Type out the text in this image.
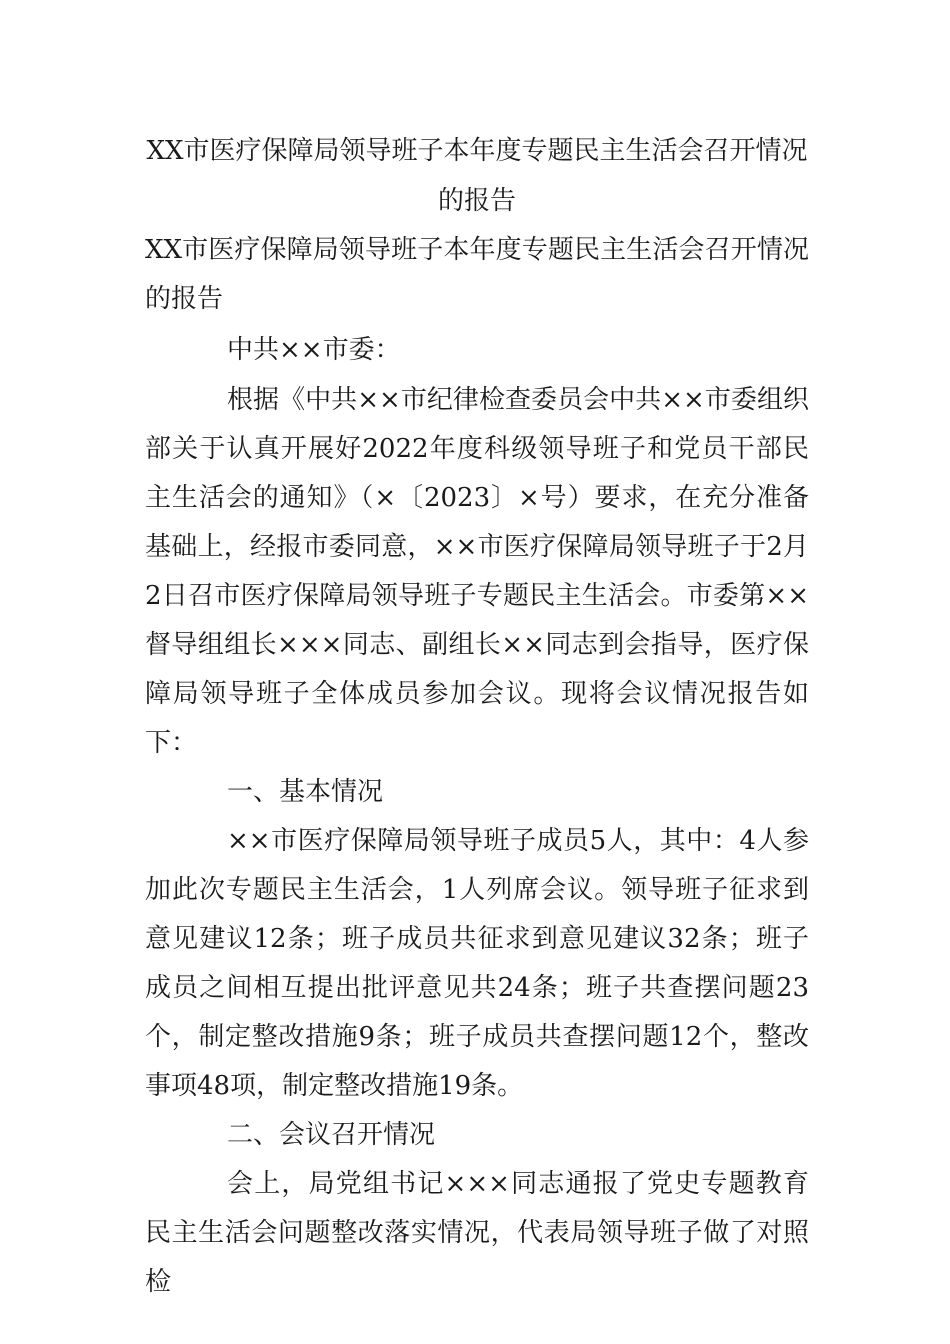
XX市医疗保障局领导班子本年度专题民主生活会召开情况
的报告

XX市医疗保障局领导班子本年度专题民主生活会召开情况的报告

中共××市委：

根据《中共××市纪律检查委员会中共××市委组织部关于认真开展好2022年度科级领导班子和党员干部民主生活会的通知》（×〔2023〕×号）要求，在充分准备基础上，经报市委同意，××市医疗保障局领导班子于2月2日召市医疗保障局领导班子专题民主生活会。市委第××督导组组长×××同志、副组长××同志到会指导，医疗保障局领导班子全体成员参加会议。现将会议情况报告如下：

一、基本情况

××市医疗保障局领导班子成员5人，其中：4人参加此次专题民主生活会，1人列席会议。领导班子征求到意见建议12条；班子成员共征求到意见建议32条；班子成员之间相互提出批评意见共24条；班子共查摆问题23个，制定整改措施9条；班子成员共查摆问题12个，整改事项48项，制定整改措施19条。

二、会议召开情况

会上，局党组书记×××同志通报了党史专题教育民主生活会问题整改落实情况，代表局领导班子做了对照检
